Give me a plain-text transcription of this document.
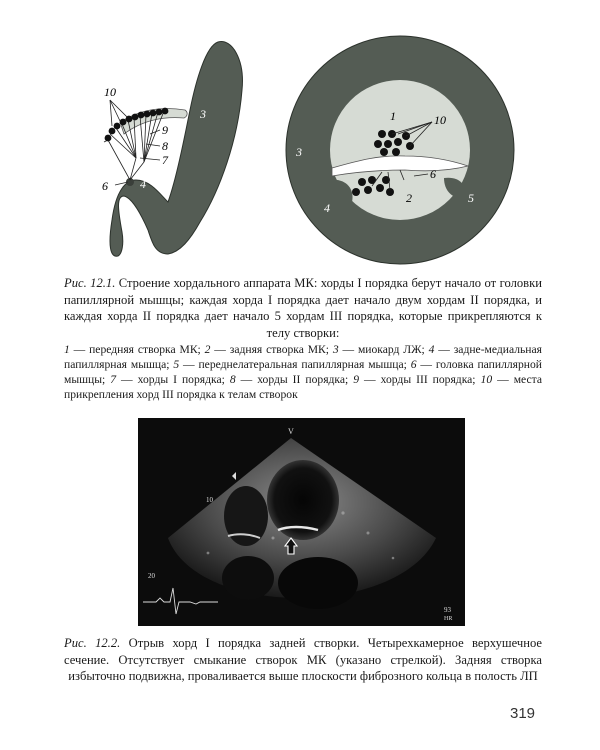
10
9
8
7
6	4
3	1	10
3
6
2
4
5
Рис. 12.1. Строение хордального аппарата МК: хорды I порядка берут начало от головки папиллярной мышцы; каждая хорда I порядка дает начало двум хордам II порядка, и каждая хорда II порядка дает начало 5 хордам III порядка, которые прикрепляются к телу створки:
1 — передняя створка МК; 2 — задняя створка МК; 3 — миокард ЛЖ; 4 — задне-медиальная папиллярная мышца; 5 — переднелатеральная папиллярная мышца; 6 — головка папиллярной мышцы; 7 — хорды I порядка; 8 — хорды II порядка; 9 — хорды III порядка; 10 — места прикрепления хорд III порядка к телам створок
V
10
20
93
HR
Рис. 12.2. Отрыв хорд I порядка задней створки. Четырехкамерное верхушечное сечение. Отсутствует смыкание створок МК (указано стрелкой). Задняя створка избыточно подвижна, проваливается выше плоскости фиброзного кольца в полость ЛП
319
